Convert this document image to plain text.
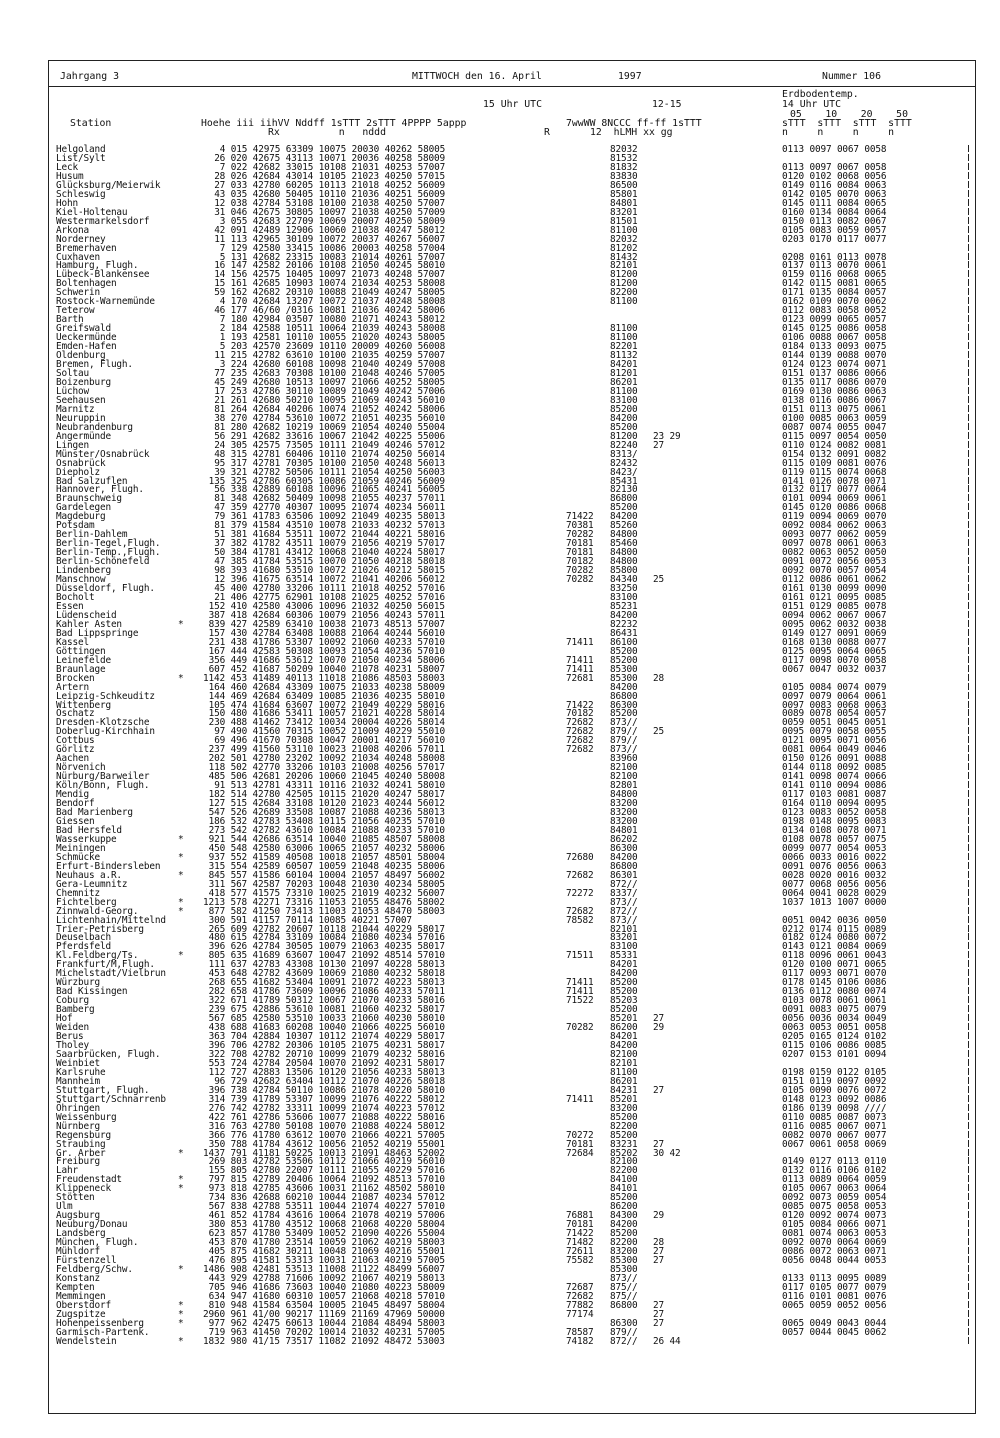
Jahrgang 3	MITTWOCH den 16. April	1997	Nummer 106
Erdbodentemp.
15 Uhr UTC	12-15	14 Uhr UTC
05    10    20    50
Station	Hoehe iii iihVV Nddff 1sTTT 2sTTT 4PPPP 5appp	7wwWW 8NCCC ff-ff 1sTTT	sTTT  sTTT  sTTT  sTTT
Rx          n   nddd	R	12  hLMH xx gg	n     n     n     n
Helgoland	4 015 42975 63309 10075 20030 40262 58005	82032	0113 0097 0067 0058
List/Sylt	26 020 42675 43113 10071 20036 40258 58009	81532
Leck	7 022 42682 33015 10108 21031 40253 57007	81832	0113 0097 0067 0058
Husum	28 026 42684 43014 10105 21023 40250 57015	83830	0120 0102 0068 0056
Glücksburg/Meierwik	27 033 42780 60205 10113 21018 40252 56009	86500	0149 0116 0084 0063
Schleswig	43 035 42680 50405 10110 21036 40251 56009	85801	0142 0105 0070 0063
Hohn	12 038 42784 53108 10100 21038 40250 57007	84801	0145 0111 0084 0065
Kiel-Holtenau	31 046 42675 30805 10097 21038 40250 57009	83201	0160 0134 0084 0064
Westermarkelsdorf	3 055 42683 22709 10069 20007 40250 58009	81501	0150 0113 0082 0067
Arkona	42 091 42489 12906 10060 21038 40247 58012	81100	0105 0083 0059 0057
Norderney	11 113 42965 30109 10072 20037 40267 56007	82032	0203 0170 0117 0077
Bremerhaven	7 129 42580 33415 10086 20003 40258 57004	81202
Cuxhaven	5 131 42682 23315 10083 21014 40261 57007	81432	0208 0161 0113 0078
Hamburg, Flugh.	16 147 42582 20106 10108 21050 40245 58010	82101	0137 0113 0070 0061
Lübeck-Blankensee	14 156 42575 10405 10097 21073 40248 57007	81200	0159 0116 0068 0065
Boltenhagen	15 161 42685 10903 10074 21034 40253 58008	81200	0142 0115 0081 0065
Schwerin	59 162 42682 20310 10088 21049 40247 58005	82200	0171 0135 0084 0057
Rostock-Warnemünde	4 170 42684 13207 10072 21037 40248 58008	81100	0162 0109 0070 0062
Teterow	46 177 46/60 /0316 10081 21036 40242 58006	0112 0083 0058 0052
Barth	7 180 42984 03507 10080 21071 40243 58012	0123 0099 0065 0057
Greifswald	2 184 42588 10511 10064 21039 40243 58008	81100	0145 0125 0086 0058
Ueckermünde	1 193 42581 10110 10055 21020 40243 58005	81100	0106 0088 0067 0058
Emden-Hafen	5 203 42570 23609 10110 20009 40260 56008	82201	0184 0133 0093 0075
Oldenburg	11 215 42782 63610 10100 21035 40259 57007	81132	0144 0139 0088 0070
Bremen, Flugh.	3 224 42680 60108 10098 21040 40249 57008	84201	0124 0123 0074 0071
Soltau	77 235 42683 70308 10100 21048 40246 57005	81201	0151 0137 0086 0066
Boizenburg	45 249 42680 10513 10097 21066 40252 58005	86201	0135 0117 0086 0070
Lüchow	17 253 42786 30110 10089 21049 40242 57006	81100	0169 0130 0086 0063
Seehausen	21 261 42680 50210 10095 21069 40243 56010	83100	0138 0116 0086 0067
Marnitz	81 264 42684 40206 10074 21052 40242 58006	85200	0151 0113 0075 0061
Neuruppin	38 270 42784 53610 10072 21051 40235 56010	84200	0100 0085 0063 0059
Neubrandenburg	81 280 42682 10219 10069 21054 40240 55004	85200	0087 0074 0055 0047
Angermünde	56 291 42682 33616 10067 21042 40225 55006	81200 23 29	0115 0097 0054 0050
Lingen	24 305 42575 73505 10111 21049 40246 57012	82240 27	0110 0124 0082 0081
Münster/Osnabrück	48 315 42781 60406 10110 21074 40250 56014	8313/	0154 0132 0091 0082
Osnabrück	95 317 42781 70305 10100 21050 40248 56013	82432	0115 0109 0081 0076
Diepholz	39 321 42782 50506 10111 21054 40250 56003	8423/	0119 0115 0074 0068
Bad Salzuflen	135 325 42786 60305 10086 21059 40246 56009	85431	0141 0126 0078 0071
Hannover, Flugh.	56 338 42889 60108 10096 21065 40241 56005	82130	0132 0117 0077 0064
Braunschweig	81 348 42682 50409 10098 21055 40237 57011	86800	0101 0094 0069 0061
Gardelegen	47 359 42770 40307 10095 21074 40234 56011	85200	0145 0120 0086 0068
Magdeburg	79 361 41783 63506 10092 21049 40235 58013	71422 84200	0119 0094 0069 0070
Potsdam	81 379 41584 43510 10078 21033 40232 57013	70381 85260	0092 0084 0062 0063
Berlin-Dahlem	51 381 41684 53511 10072 21044 40221 58016	70282 84800	0093 0077 0062 0059
Berlin-Tegel,Flugh.	37 382 41782 43511 10079 21056 40219 57017	70181 85460	0097 0078 0061 0063
Berlin-Temp.,Flugh.	50 384 41781 43412 10068 21040 40224 58017	70181 84800	0082 0063 0052 0050
Berlin-Schönefeld	47 385 41784 53515 10070 21050 40218 58018	70182 84800	0091 0072 0056 0053
Lindenberg	98 393 41680 53510 10072 21026 40212 58015	70282 85800	0092 0070 0057 0054
Manschnow	12 396 41675 63514 10072 21041 40206 56012	70282 84340 25	0112 0086 0061 0062
Düsseldorf, Flugh.	45 400 42780 33206 10111 21018 40252 57016	83250	0161 0130 0099 0090
Bocholt	21 406 42775 62901 10108 21025 40252 57016	83100	0161 0121 0095 0085
Essen	152 410 42580 43006 10096 21032 40250 56015	85231	0151 0129 0085 0078
Lüdenscheid	387 418 42684 60306 10079 21056 40243 57011	84200	0094 0062 0067 0067
Kahler Asten	*	839 427 42589 63410 10038 21073 48513 57007	82232	0095 0062 0032 0038
Bad Lippspringe	157 430 42784 63408 10088 21064 40244 56010	86431	0149 0127 0091 0069
Kassel	231 438 41786 53307 10092 21060 40233 57010	71411 86100	0168 0130 0088 0077
Göttingen	167 444 42583 50308 10093 21054 40236 57010	85200	0125 0095 0064 0065
Leinefelde	356 449 41686 53612 10070 21050 40234 58006	71411 85200	0117 0098 0070 0058
Braunlage	607 452 41687 50209 10040 21078 40231 58007	71411 85300	0067 0047 0032 0037
Brocken	* 1142 453 41489 40113 11018 21086 48503 58003	72681 85300 28
Artern	164 460 42684 43309 10075 21033 40238 58009	84200	0105 0084 0074 0079
Leipzig-Schkeuditz	144 469 42684 63409 10085 21036 40235 58010	86800	0097 0079 0064 0061
Wittenberg	105 474 41684 63607 10072 21049 40229 58016	71422 86300	0097 0083 0068 0063
Oschatz	150 480 41686 53411 10057 21021 40228 58014	70182 85200	0089 0078 0054 0057
Dresden-Klotzsche	230 488 41462 73412 10034 20004 40226 58014	72682 873//	0059 0051 0045 0051
Doberlug-Kirchhain	97 490 41560 70315 10052 21009 40229 55010	72682 879// 25	0095 0079 0058 0055
Cottbus	69 496 41670 70308 10047 20001 40217 56010	72682 879//	0121 0095 0071 0056
Görlitz	237 499 41560 53110 10023 21008 40206 57011	72682 873//	0081 0064 0049 0046
Aachen	202 501 42780 23202 10092 21034 40248 58008	83960	0150 0126 0091 0088
Nörvenich	118 502 42770 33206 10103 21008 40256 57017	82100	0144 0118 0092 0085
Nürburg/Barweiler	485 506 42681 20206 10060 21045 40240 58008	82100	0141 0098 0074 0066
Köln/Bonn, Flugh.	91 513 42781 43311 10116 21032 40241 58010	82801	0141 0110 0094 0086
Mendig	182 514 42780 42505 10115 21020 40247 58017	84800	0117 0103 0081 0087
Bendorf	127 515 42684 33108 10120 21023 40244 56012	83200	0164 0110 0094 0095
Bad Marienberg	547 526 42689 33508 10087 21088 40236 58013	83200	0123 0083 0052 0058
Giessen	186 532 42783 53408 10115 21056 40235 57010	83200	0198 0148 0095 0083
Bad Hersfeld	273 542 42782 43610 10084 21088 40233 57010	84801	0134 0108 0078 0071
Wasserkuppe	*	921 544 42686 63514 10040 21085 48507 58008	86202	0108 0078 0057 0075
Meiningen	450 548 42580 63006 10065 21057 40232 58006	86300	0099 0077 0054 0053
Schmücke	*	937 552 41589 40508 10018 21057 48501 58004	72680 84200	0066 0033 0016 0022
Erfurt-Bindersleben	315 554 42589 60507 10059 21048 40235 58006	86800	0091 0076 0056 0063
Neuhaus a.R.	*	845 557 41586 60104 10004 21057 48497 56002	72682 86301	0028 0020 0016 0032
Gera-Leumnitz	311 567 42587 70203 10048 21030 40234 58005	872//	0077 0068 0056 0056
Chemnitz	418 577 41575 73310 10025 21019 40232 56007	72272 8337/	0064 0041 0028 0029
Fichtelberg	* 1213 578 42271 73316 11053 21055 48476 58002	873//	1037 1013 1007 0000
Zinnwald-Georg.	*	877 582 41250 73413 11003 21053 48470 58003	72682 872//

Lichtenhain/Mittelnd	300 591 41157 70114 10085 40221 57007	78582 873//	0051 0042 0036 0050
Trier-Petrisberg	265 609 42782 20607 10118 21044 40229 58017	82101	0212 0174 0115 0089
Deuselbach	480 615 42784 33109 10084 21080 40234 57016	83201	0182 0124 0080 0072
Pferdsfeld	396 626 42784 30505 10079 21063 40235 58017	83100	0143 0121 0084 0069
Kl.Feldberg/Ts.	*	805 635 41689 63607 10047 21092 48514 57010	71511 85331	0118 0096 0061 0043
Frankfurt/M,Flugh.	111 637 42783 43308 10130 21097 40228 58013	84201	0120 0100 0071 0065
Michelstadt/Vielbrun	453 648 42782 43609 10069 21080 40232 58018	84200	0117 0093 0071 0070
Würzburg	268 655 41682 53404 10091 21072 40223 58013	71411 85200	0178 0145 0106 0086
Bad Kissingen	282 658 41786 73609 10096 21086 40233 57011	71411 85200	0136 0112 0080 0074
Coburg	322 671 41789 50312 10067 21070 40233 58016	71522 85203	0103 0078 0061 0061
Bamberg	239 675 42886 53610 10081 21060 40232 58017	85200	0091 0083 0075 0079
Hof	567 685 42580 53510 10033 21060 40230 58010	85201 27	0056 0036 0034 0049
Weiden	438 688 41683 60208 10040 21066 40225 56010	70282 86200 29	0063 0053 0051 0058
Berus	363 704 42884 10307 10112 21074 40229 58017	84201	0205 0165 0124 0102
Tholey	396 706 42782 20306 10105 21075 40231 58017	84200	0115 0106 0086 0085
Saarbrücken, Flugh.	322 708 42782 20710 10099 21079 40232 58016	82100	0207 0153 0101 0094
Weinbiet	553 724 42784 20504 10070 21092 40231 58017	82101
Karlsruhe	112 727 42883 13506 10120 21056 40233 58013	81100	0198 0159 0122 0105
Mannheim	96 729 42682 63404 10112 21070 40226 58018	86201	0151 0119 0097 0092
Stuttgart, Flugh.	396 738 42784 50110 10086 21078 40220 58010	84231 27	0105 0090 0076 0072
Stuttgart/Schnarrenb	314 739 41789 53307 10099 21076 40222 58012	71411 85201	0148 0123 0092 0086
Öhringen	276 742 42782 33311 10099 21074 40223 57012	83200	0186 0139 0098 ////
Weissenburg	422 761 42786 53606 10077 21088 40222 58016	85200	0110 0085 0087 0073
Nürnberg	316 763 42780 50108 10070 21088 40224 58012	82200	0116 0085 0067 0071
Regensburg	366 776 41780 63612 10070 21066 40221 57005	70272 85200	0082 0070 0067 0077
Straubing	350 788 41784 43612 10056 21052 40219 55001	70181 83231 27	0067 0061 0058 0069
Gr. Arber	* 1437 791 41181 50225 10013 21091 48463 52002	72684 85202 30 42
Freiburg	269 803 42782 53506 10112 21066 40219 56010	82100	0149 0127 0113 0110
Lahr	155 805 42780 22007 10111 21055 40229 57016	82200	0132 0116 0106 0102
Freudenstadt	*	797 815 42789 20406 10064 21092 48513 57010	84100	0113 0089 0064 0059
Klippeneck	*	973 818 42785 43606 10031 21162 48502 58010	84101	0105 0067 0063 0064
Stötten	734 836 42688 60210 10044 21087 40234 57012	85200	0092 0073 0059 0054
Ulm	567 838 42788 53511 10044 21074 40227 57010	86200	0085 0075 0058 0053
Augsburg	461 852 41784 43616 10064 21078 40219 57006	76881 84300 29	0120 0092 0074 0073
Neuburg/Donau	380 853 41780 43512 10068 21068 40220 58004	70181 84200	0105 0084 0066 0071
Landsberg	623 857 41780 53409 10052 21090 40226 55004	71422 85200	0081 0074 0063 0053
München, Flugh.	453 870 41780 23514 10059 21062 40219 58003	71482 82200 28	0092 0070 0064 0069
Mühldorf	405 875 41682 30211 10048 21069 40216 55001	72611 83200 27	0086 0072 0063 0071
Fürstenzell	476 895 41581 53313 10031 21063 40219 57005	75582 85300 27	0056 0048 0044 0053
Feldberg/Schw.	* 1486 908 42481 53513 11008 21122 48499 56007	85300
Konstanz	443 929 42788 71606 10092 21067 40219 58013	873//	0133 0113 0095 0089
Kempten	705 946 41686 73603 10040 21080 40223 58009	72687 875//	0117 0105 0077 0079
Memmingen	634 947 41680 60310 10057 21068 40218 57010	72682 875//	0116 0101 0081 0076
Oberstdorf	*	810 948 41584 63504 10005 21045 48497 58004	77882 86800 27	0065 0059 0052 0056
Zugspitze	* 2960 961 41/00 90217 11169 21169 47969 50000	77174	27
Hohenpeissenberg	*	977 962 42475 60613 10044 21084 48494 58003	86300 27	0065 0049 0043 0044
Garmisch-Partenk.	719 963 41450 70202 10014 21032 40231 57005	78587 879//	0057 0044 0045 0062
Wendelstein	* 1832 980 41/15 73517 11082 21092 48472 53003	74182 872// 26 44
